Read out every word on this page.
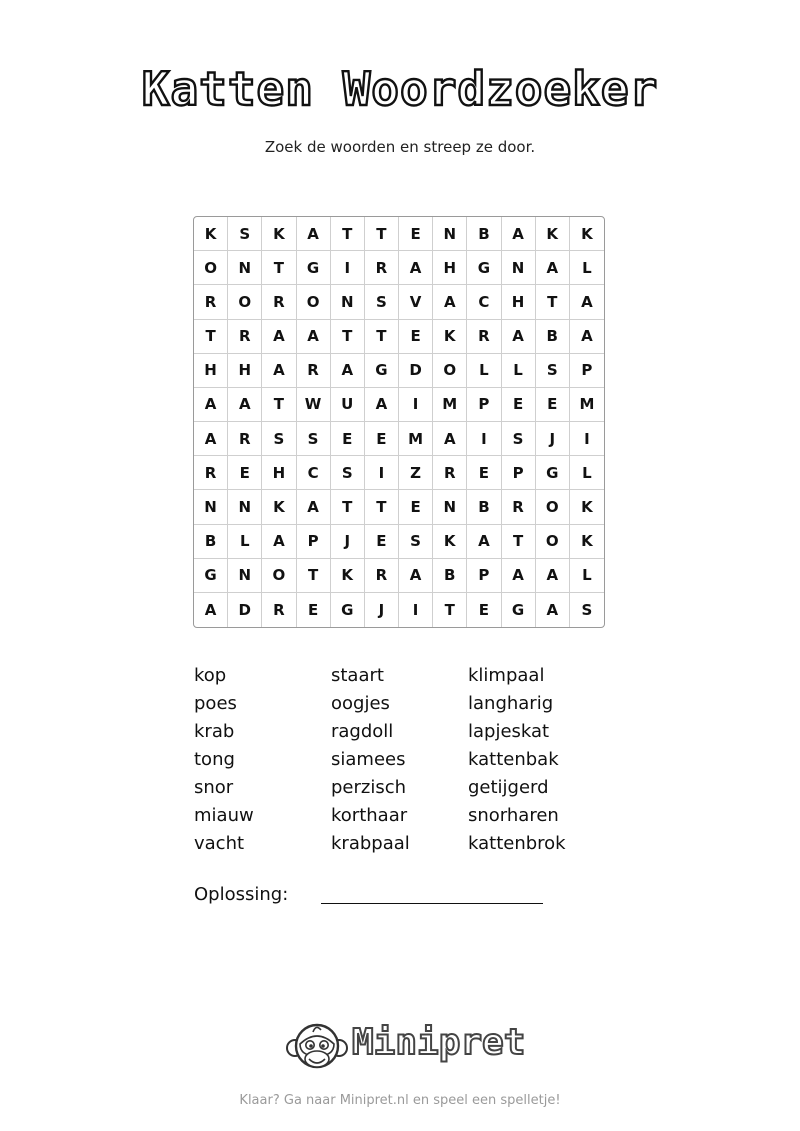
Katten Woordzoeker
Zoek de woorden en streep ze door.
K	S	K	A	T	T	E	N	B	A	K	K
O	N	T	G	I	R	A	H	G	N	A	L
R	O	R	O	N	S	V	A	C	H	T	A
T	R	A	A	T	T	E	K	R	A	B	A
H	H	A	R	A	G	D	O	L	L	S	P
A	A	T	W	U	A	I	M	P	E	E	M
A	R	S	S	E	E	M	A	I	S	J	I
R	E	H	C	S	I	Z	R	E	P	G	L
N	N	K	A	T	T	E	N	B	R	O	K
B	L	A	P	J	E	S	K	A	T	O	K
G	N	O	T	K	R	A	B	P	A	A	L
A	D	R	E	G	J	I	T	E	G	A	S
kop
poes
krab
tong
snor
miauw
vacht
staart
oogjes
ragdoll
siamees
perzisch
korthaar
krabpaal
klimpaal
langharig
lapjeskat
kattenbak
getijgerd
snorharen
kattenbrok
Oplossing:
Minipret
Klaar? Ga naar Minipret.nl en speel een spelletje!
